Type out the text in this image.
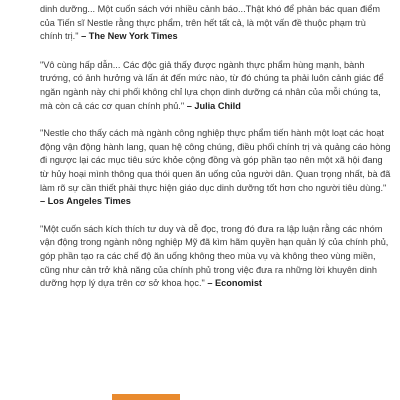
dinh dưỡng... Một cuốn sách với nhiều cảnh báo...Thật khó để phản bác quan điểm
của Tiến sĩ Nestle rằng thực phẩm, trên hết tất cả, là một vấn đề thuộc phạm trù
chính trị." – The New York Times
"Vô cùng hấp dẫn... Các độc giả thấy được ngành thực phẩm hùng mạnh, bành
trướng, có ảnh hưởng và lấn át đến mức nào, từ đó chúng ta phải luôn cảnh giác để
ngăn ngành này chi phối không chỉ lựa chọn dinh dưỡng cá nhân của mỗi chúng ta,
mà còn cả các cơ quan chính phủ." – Julia Child
"Nestle cho thấy cách mà ngành công nghiệp thực phẩm tiến hành một loạt các hoạt
động vận động hành lang, quan hệ công chúng, điều phối chính trị và quảng cáo hòng
đi ngược lại các mục tiêu sức khỏe cộng đồng và góp phần tạo nên một xã hội đang
từ hủy hoại mình thông qua thói quen ăn uống của người dân. Quan trọng nhất, bà đã
làm rõ sự cần thiết phải thực hiện giáo dục dinh dưỡng tốt hơn cho người tiêu dùng."
– Los Angeles Times
"Một cuốn sách kích thích tư duy và dễ đọc, trong đó đưa ra lập luận rằng các nhóm
vận động trong ngành nông nghiệp Mỹ đã kìm hãm quyền hạn quản lý của chính phủ,
góp phần tạo ra các chế độ ăn uống không theo mùa vụ và không theo vùng miền,
cũng như cản trở khả năng của chính phủ trong việc đưa ra những lời khuyên dinh
dưỡng hợp lý dựa trên cơ sở khoa học." – Economist
